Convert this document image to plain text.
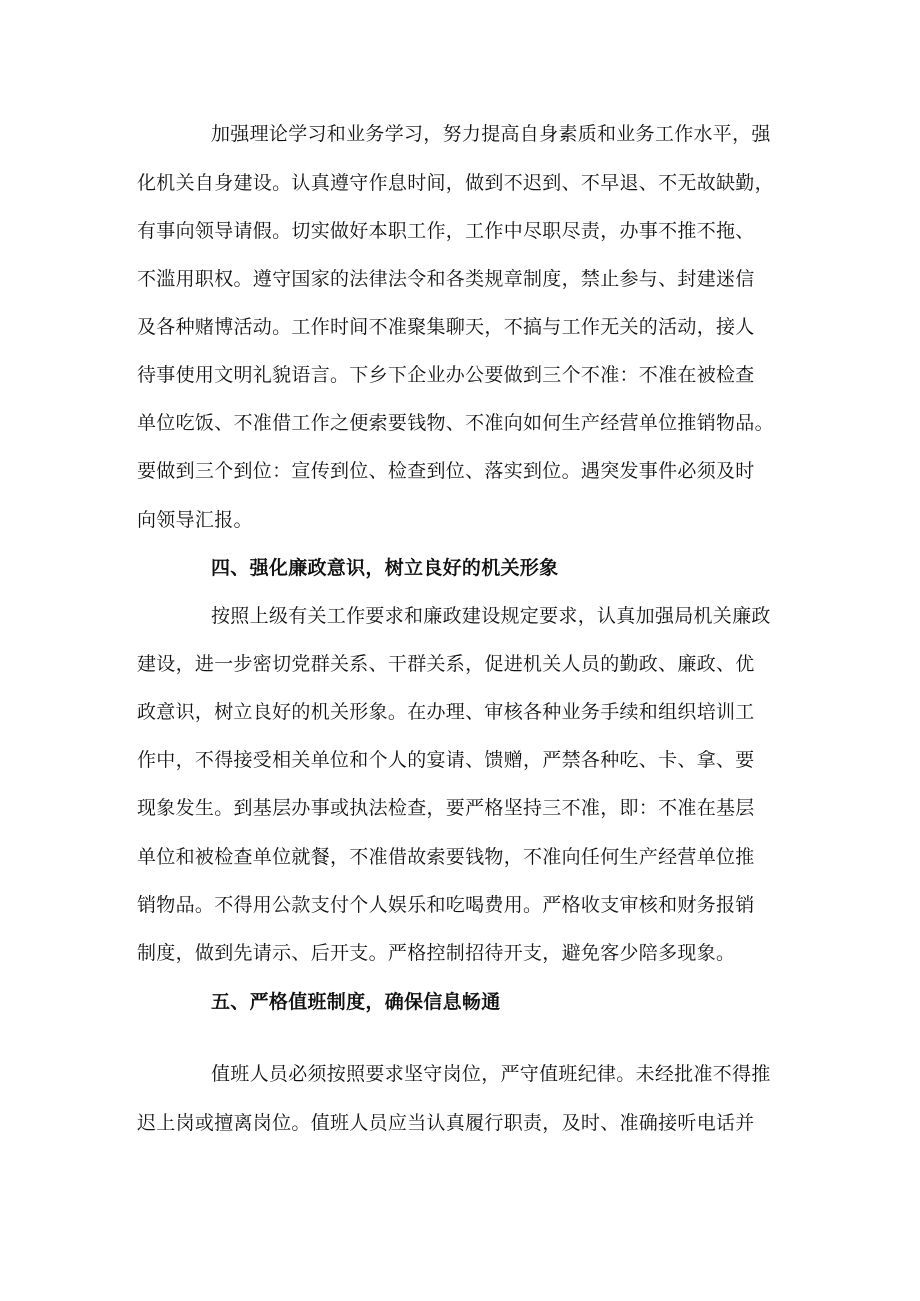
加强理论学习和业务学习，努力提高自身素质和业务工作水平，强
化机关自身建设。认真遵守作息时间，做到不迟到、不早退、不无故缺勤，
有事向领导请假。切实做好本职工作，工作中尽职尽责，办事不推不拖、
不滥用职权。遵守国家的法律法令和各类规章制度，禁止参与、封建迷信
及各种赌博活动。工作时间不准聚集聊天，不搞与工作无关的活动，接人
待事使用文明礼貌语言。下乡下企业办公要做到三个不准：不准在被检查
单位吃饭、不准借工作之便索要钱物、不准向如何生产经营单位推销物品。
要做到三个到位：宣传到位、检查到位、落实到位。遇突发事件必须及时
向领导汇报。
四、强化廉政意识，树立良好的机关形象
按照上级有关工作要求和廉政建设规定要求，认真加强局机关廉政
建设，进一步密切党群关系、干群关系，促进机关人员的勤政、廉政、优
政意识，树立良好的机关形象。在办理、审核各种业务手续和组织培训工
作中，不得接受相关单位和个人的宴请、馈赠，严禁各种吃、卡、拿、要
现象发生。到基层办事或执法检查，要严格坚持三不准，即：不准在基层
单位和被检查单位就餐，不准借故索要钱物，不准向任何生产经营单位推
销物品。不得用公款支付个人娱乐和吃喝费用。严格收支审核和财务报销
制度，做到先请示、后开支。严格控制招待开支，避免客少陪多现象。
五、严格值班制度，确保信息畅通
值班人员必须按照要求坚守岗位，严守值班纪律。未经批准不得推
迟上岗或擅离岗位。值班人员应当认真履行职责，及时、准确接听电话并
